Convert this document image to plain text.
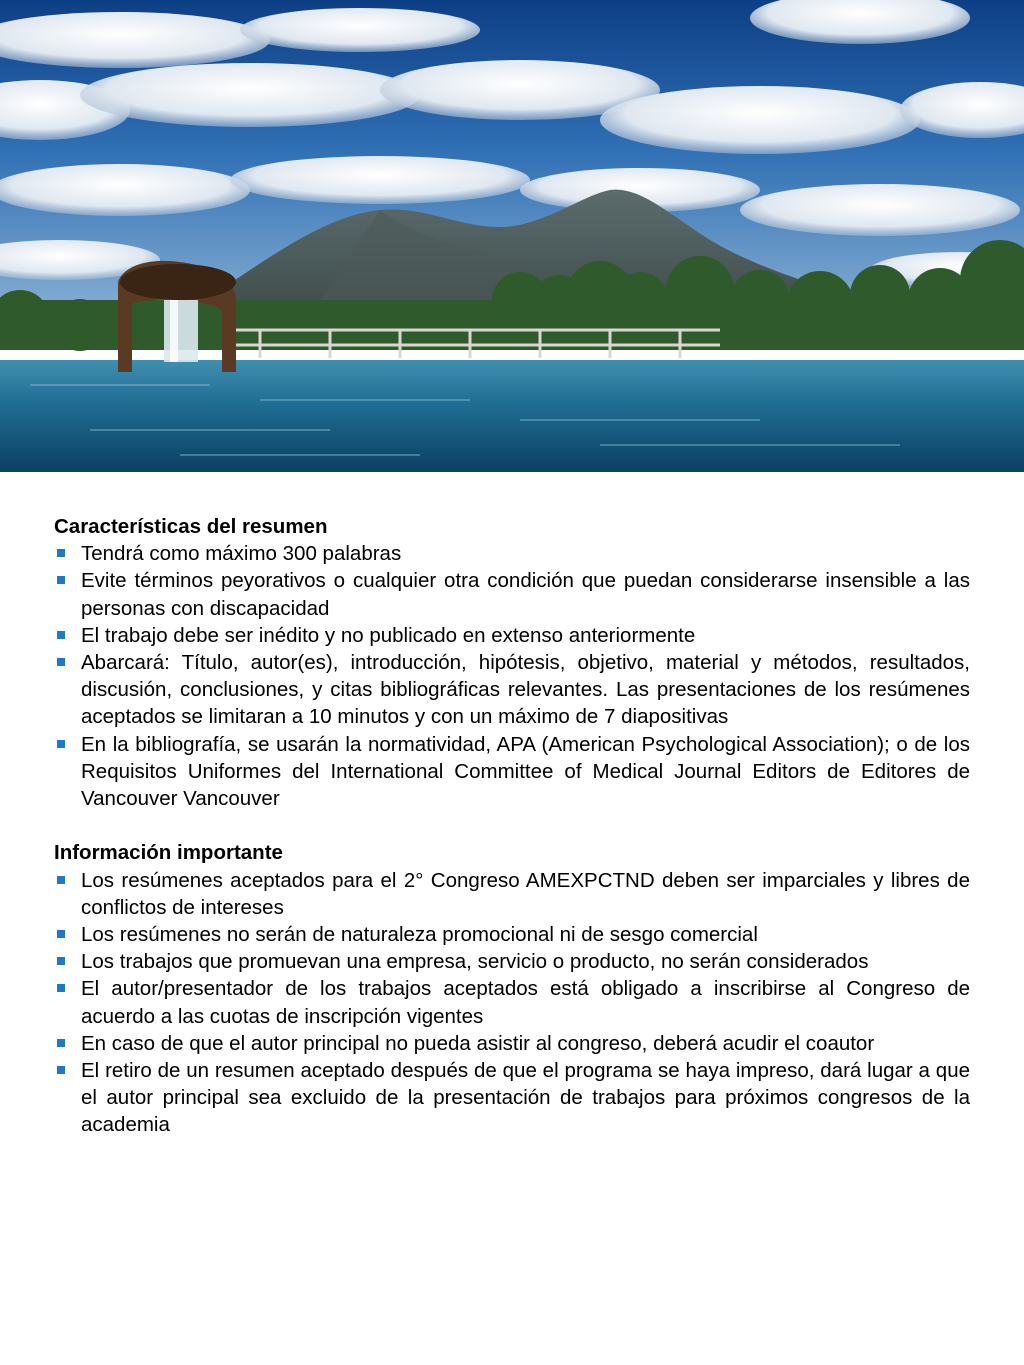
Características del resumen

Tendrá como máximo 300 palabras
Evite términos peyorativos o cualquier otra condición que puedan considerarse insensible a las personas con discapacidad
El trabajo debe ser inédito y no publicado en extenso anteriormente
Abarcará: Título, autor(es), introducción, hipótesis, objetivo, material y métodos, resultados, discusión, conclusiones, y citas bibliográficas relevantes. Las presentaciones de los resúmenes aceptados se limitaran a 10 minutos y con un máximo de 7 diapositivas
En la bibliografía, se usarán la normatividad, APA (American Psychological Association); o de los Requisitos Uniformes del International Committee of Medical Journal Editors de Editores de Vancouver Vancouver

Información importante

Los resúmenes aceptados para el 2° Congreso AMEXPCTND deben ser imparciales y libres de conflictos de intereses
Los resúmenes no serán de naturaleza promocional ni de sesgo comercial
Los trabajos que promuevan una empresa, servicio o producto, no serán considerados
El autor/presentador de los trabajos aceptados está obligado a inscribirse al Congreso de acuerdo a las cuotas de inscripción vigentes
En caso de que el autor principal no pueda asistir al congreso, deberá acudir el coautor
El retiro de un resumen aceptado después de que el programa se haya impreso, dará lugar a que el autor principal sea excluido de la presentación de trabajos para próximos congresos de la academia
